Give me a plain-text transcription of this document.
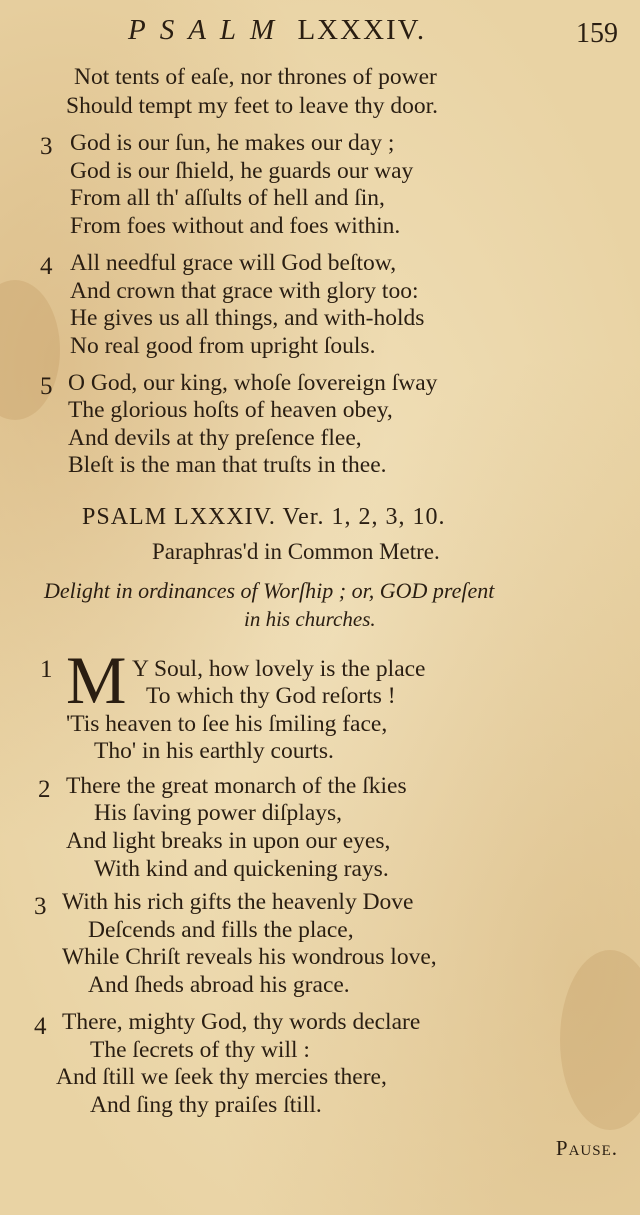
PSALM LXXXIV.	159
Not tents of eaſe, nor thrones of power
Should tempt my feet to leave thy door.
3 God is our ſun, he makes our day ;
God is our ſhield, he guards our way
From all th' aſſults of hell and ſin,
From foes without and foes within.
4 All needful grace will God beſtow,
And crown that grace with glory too:
He gives us all things, and with-holds
No real good from upright ſouls.
5 O God, our king, whoſe ſovereign ſway
The glorious hoſts of heaven obey,
And devils at thy preſence flee,
Bleſt is the man that truſts in thee.
PSALM LXXXIV. Ver. 1, 2, 3, 10.
Paraphras'd in Common Metre.
Delight in ordinances of Worſhip ; or, GOD preſent
in his churches.
1 M Y Soul, how lovely is the place
To which thy God reſorts !
'Tis heaven to ſee his ſmiling face,
Tho' in his earthly courts.
2 There the great monarch of the ſkies
His ſaving power diſplays,
And light breaks in upon our eyes,
With kind and quickening rays.
3 With his rich gifts the heavenly Dove
Deſcends and fills the place,
While Chriſt reveals his wondrous love,
And ſheds abroad his grace.
4 There, mighty God, thy words declare
The ſecrets of thy will :
And ſtill we ſeek thy mercies there,
And ſing thy praiſes ſtill.
Pause.
